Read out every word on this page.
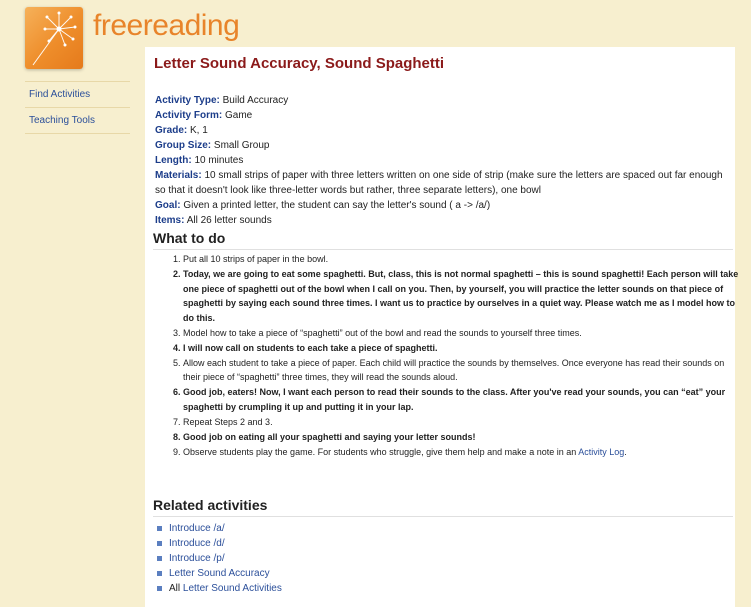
freereading
Find Activities
Teaching Tools
Letter Sound Accuracy, Sound Spaghetti

Activity Type: Build Accuracy

Activity Form: Game

Grade: K, 1

Group Size: Small Group

Length: 10 minutes

Materials: 10 small strips of paper with three letters written on one side of strip (make sure the letters are spaced out far enough so that it doesn't look like three-letter words but rather, three separate letters), one bowl

Goal: Given a printed letter, the student can say the letter's sound ( a -> /a/)

Items: All 26 letter sounds

What to do
1. Put all 10 strips of paper in the bowl.
2. Today, we are going to eat some spaghetti. But, class, this is not normal spaghetti – this is sound spaghetti! Each person will take one piece of spaghetti out of the bowl when I call on you. Then, by yourself, you will practice the letter sounds on that piece of spaghetti by saying each sound three times. I want us to practice by ourselves in a quiet way. Please watch me as I model how to do this.
3. Model how to take a piece of “spaghetti” out of the bowl and read the sounds to yourself three times.
4. I will now call on students to each take a piece of spaghetti.
5. Allow each student to take a piece of paper. Each child will practice the sounds by themselves. Once everyone has read their sounds on their piece of “spaghetti” three times, they will read the sounds aloud.
6. Good job, eaters! Now, I want each person to read their sounds to the class. After you've read your sounds, you can “eat” your spaghetti by crumpling it up and putting it in your lap.
7. Repeat Steps 2 and 3.
8. Good job on eating all your spaghetti and saying your letter sounds!
9. Observe students play the game. For students who struggle, give them help and make a note in an Activity Log.
Related activities
Introduce /a/
Introduce /d/
Introduce /p/
Letter Sound Accuracy
All Letter Sound Activities
